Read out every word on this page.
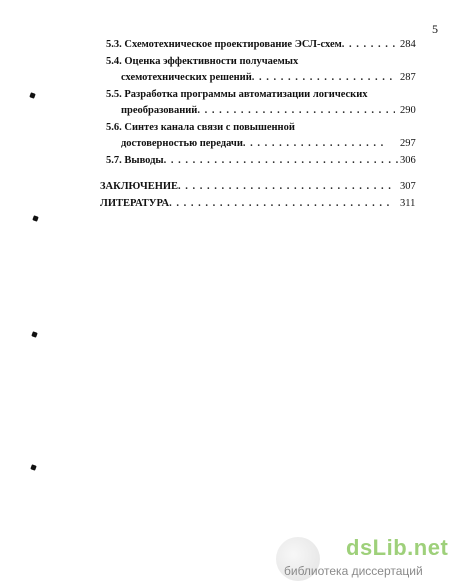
5
5.3. Схемотехническое проектирование ЭСЛ-схем . . .	284
5.4. Оценка эффективности получаемых
схемотехнических решений . . .	287
5.5. Разработка программы автоматизации логических
преобразований . . .	290
5.6. Синтез канала связи с повышенной
достоверностью передачи . . .	297
5.7. Выводы . . .	306
ЗАКЛЮЧЕНИЕ . . .	307
ЛИТЕРАТУРА . . .	311
dsLib.net
библиотека диссертаций
